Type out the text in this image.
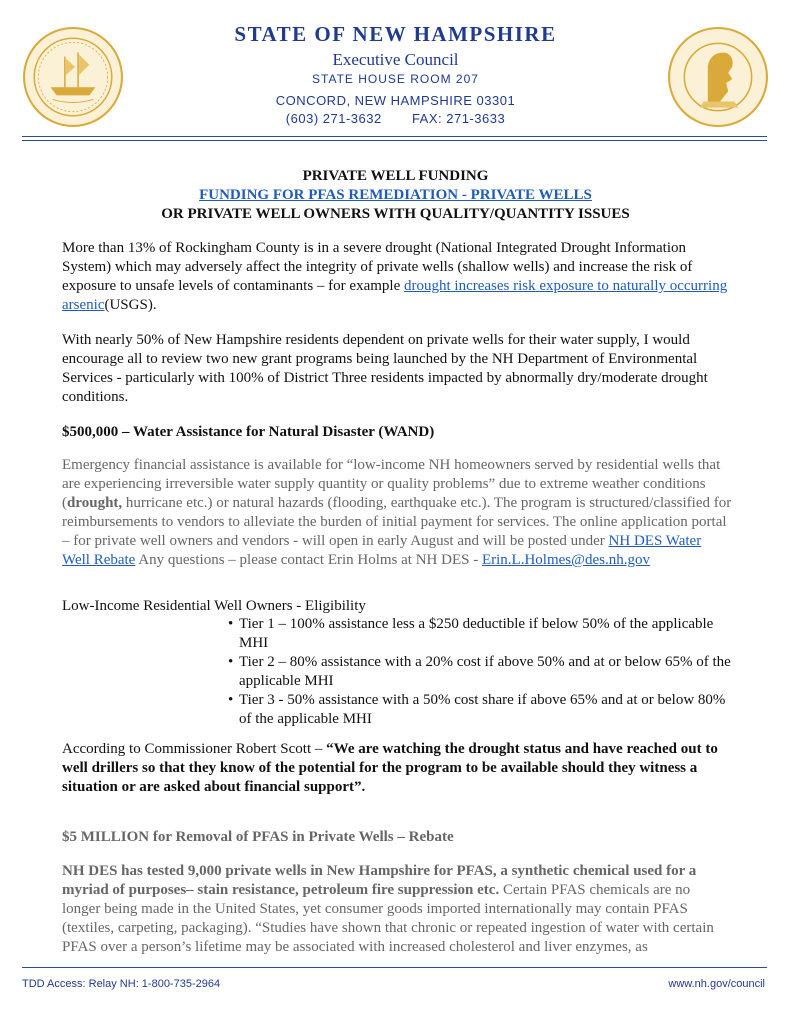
STATE OF NEW HAMPSHIRE
Executive Council
STATE HOUSE ROOM 207
CONCORD, NEW HAMPSHIRE 03301
(603) 271-3632 FAX: 271-3633
PRIVATE WELL FUNDING
FUNDING FOR PFAS REMEDIATION - PRIVATE WELLS
OR PRIVATE WELL OWNERS WITH QUALITY/QUANTITY ISSUES
More than 13% of Rockingham County is in a severe drought (National Integrated Drought Information System) which may adversely affect the integrity of private wells (shallow wells) and increase the risk of exposure to unsafe levels of contaminants – for example drought increases risk exposure to naturally occurring arsenic(USGS).
With nearly 50% of New Hampshire residents dependent on private wells for their water supply, I would encourage all to review two new grant programs being launched by the NH Department of Environmental Services - particularly with 100% of District Three residents impacted by abnormally dry/moderate drought conditions.
$500,000 – Water Assistance for Natural Disaster (WAND)
Emergency financial assistance is available for “low-income NH homeowners served by residential wells that are experiencing irreversible water supply quantity or quality problems” due to extreme weather conditions (drought, hurricane etc.) or natural hazards (flooding, earthquake etc.). The program is structured/classified for reimbursements to vendors to alleviate the burden of initial payment for services. The online application portal – for private well owners and vendors - will open in early August and will be posted under NH DES Water Well Rebate Any questions – please contact Erin Holms at NH DES - Erin.L.Holmes@des.nh.gov
Low-Income Residential Well Owners - Eligibility
• Tier 1 – 100% assistance less a $250 deductible if below 50% of the applicable MHI
• Tier 2 – 80% assistance with a 20% cost if above 50% and at or below 65% of the applicable MHI
• Tier 3 - 50% assistance with a 50% cost share if above 65% and at or below 80% of the applicable MHI
According to Commissioner Robert Scott – “We are watching the drought status and have reached out to well drillers so that they know of the potential for the program to be available should they witness a situation or are asked about financial support”.
$5 MILLION for Removal of PFAS in Private Wells – Rebate
NH DES has tested 9,000 private wells in New Hampshire for PFAS, a synthetic chemical used for a myriad of purposes– stain resistance, petroleum fire suppression etc. Certain PFAS chemicals are no longer being made in the United States, yet consumer goods imported internationally may contain PFAS (textiles, carpeting, packaging). “Studies have shown that chronic or repeated ingestion of water with certain PFAS over a person’s lifetime may be associated with increased cholesterol and liver enzymes, as
TDD Access: Relay NH: 1-800-735-2964	www.nh.gov/council
